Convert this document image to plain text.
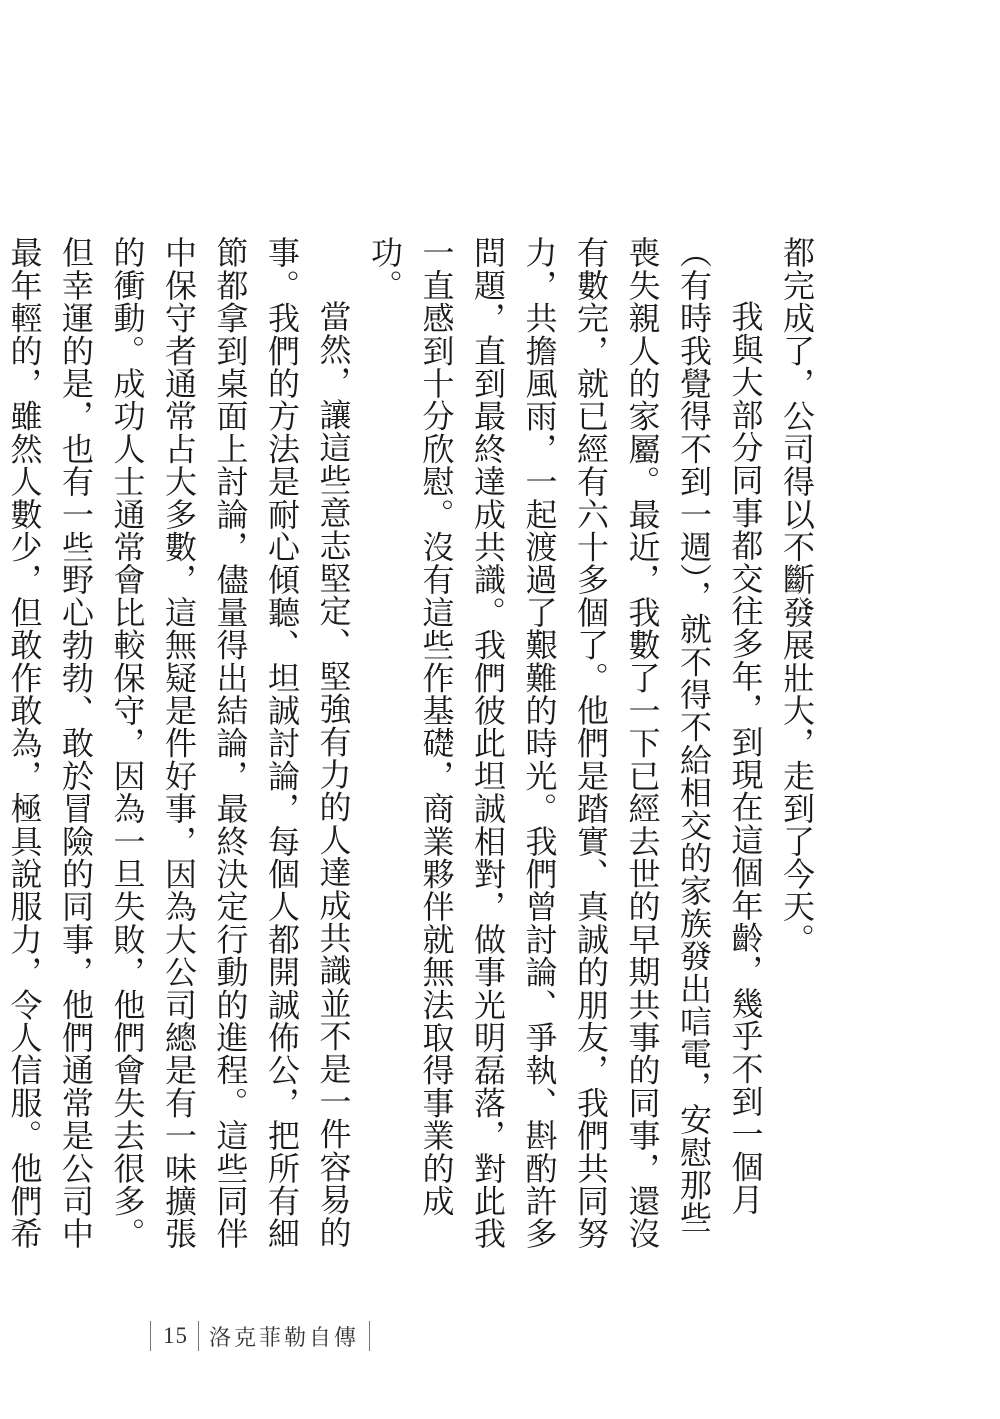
都完成了，公司得以不斷發展壯大，走到了今天。

我與大部分同事都交往多年，到現在這個年齡，幾乎不到一個月（有時我覺得不到一週），就不得不給相交的家族發出唁電，安慰那些喪失親人的家屬。最近，我數了一下已經去世的早期共事的同事，還沒有數完，就已經有六十多個了。他們是踏實、真誠的朋友，我們共同努力，共擔風雨，一起渡過了艱難的時光。我們曾討論、爭執、斟酌許多問題，直到最終達成共識。我們彼此坦誠相對，做事光明磊落，對此我一直感到十分欣慰。沒有這些作基礎，商業夥伴就無法取得事業的成功。

當然，讓這些意志堅定、堅強有力的人達成共識並不是一件容易的事。我們的方法是耐心傾聽、坦誠討論，每個人都開誠佈公，把所有細節都拿到桌面上討論，儘量得出結論，最終決定行動的進程。這些同伴中保守者通常占大多數，這無疑是件好事，因為大公司總是有一味擴張的衝動。成功人士通常會比較保守，因為一旦失敗，他們會失去很多。但幸運的是，也有一些野心勃勃、敢於冒險的同事，他們通常是公司中最年輕的，雖然人數少，但敢作敢為，極具說服力，令人信服。他們希

15 洛克菲勒自傳
